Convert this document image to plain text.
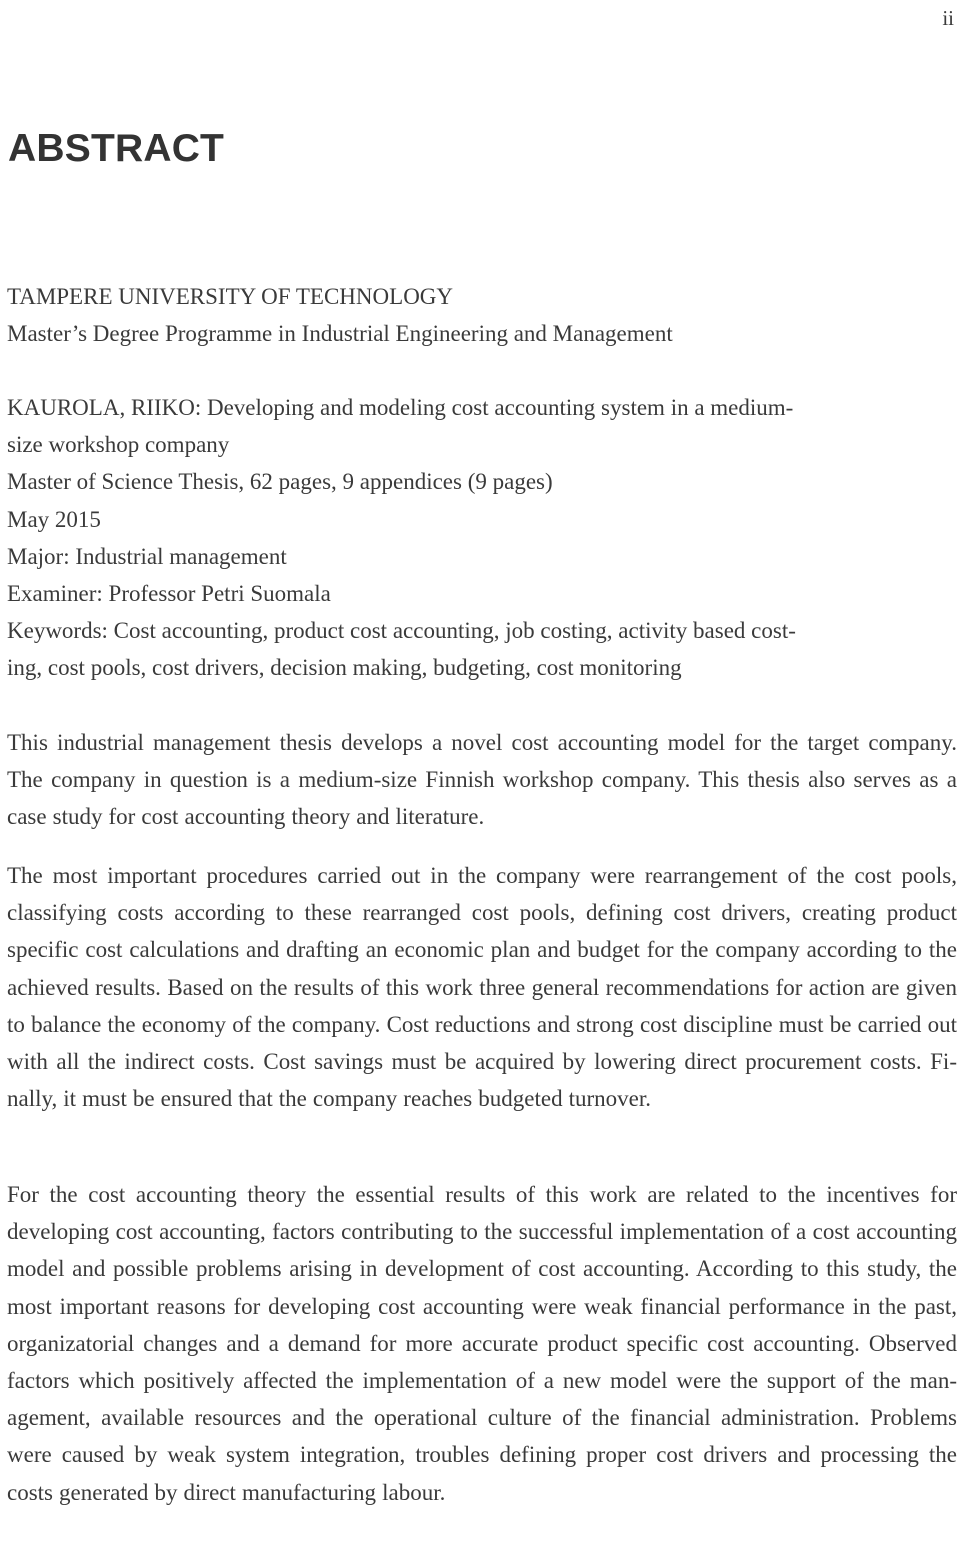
ii
ABSTRACT
TAMPERE UNIVERSITY OF TECHNOLOGY
Master’s Degree Programme in Industrial Engineering and Management
KAUROLA, RIIKO: Developing and modeling cost accounting system in a medium-
size workshop company
Master of Science Thesis, 62 pages, 9 appendices (9 pages)
May 2015
Major: Industrial management
Examiner: Professor Petri Suomala
Keywords: Cost accounting, product cost accounting, job costing, activity based cost-
ing, cost pools, cost drivers, decision making, budgeting, cost monitoring

This industrial management thesis develops a novel cost accounting model for the target company. The company in question is a medium-size Finnish workshop company. This thesis also serves as a case study for cost accounting theory and literature.

The most important procedures carried out in the company were rearrangement of the cost pools, classifying costs according to these rearranged cost pools, defining cost drivers, creating product specific cost calculations and drafting an economic plan and budget for the company according to the achieved results. Based on the results of this work three general recommendations for action are given to balance the economy of the company. Cost reductions and strong cost discipline must be carried out with all the indirect costs. Cost savings must be acquired by lowering direct procurement costs. Finally, it must be ensured that the company reaches budgeted turnover.

For the cost accounting theory the essential results of this work are related to the incentives for developing cost accounting, factors contributing to the successful implementation of a cost accounting model and possible problems arising in development of cost accounting. According to this study, the most important reasons for developing cost accounting were weak financial performance in the past, organizatorial changes and a demand for more accurate product specific cost accounting. Observed factors which positively affected the implementation of a new model were the support of the management, available resources and the operational culture of the financial administration. Problems were caused by weak system integration, troubles defining proper cost drivers and processing the costs generated by direct manufacturing labour.
